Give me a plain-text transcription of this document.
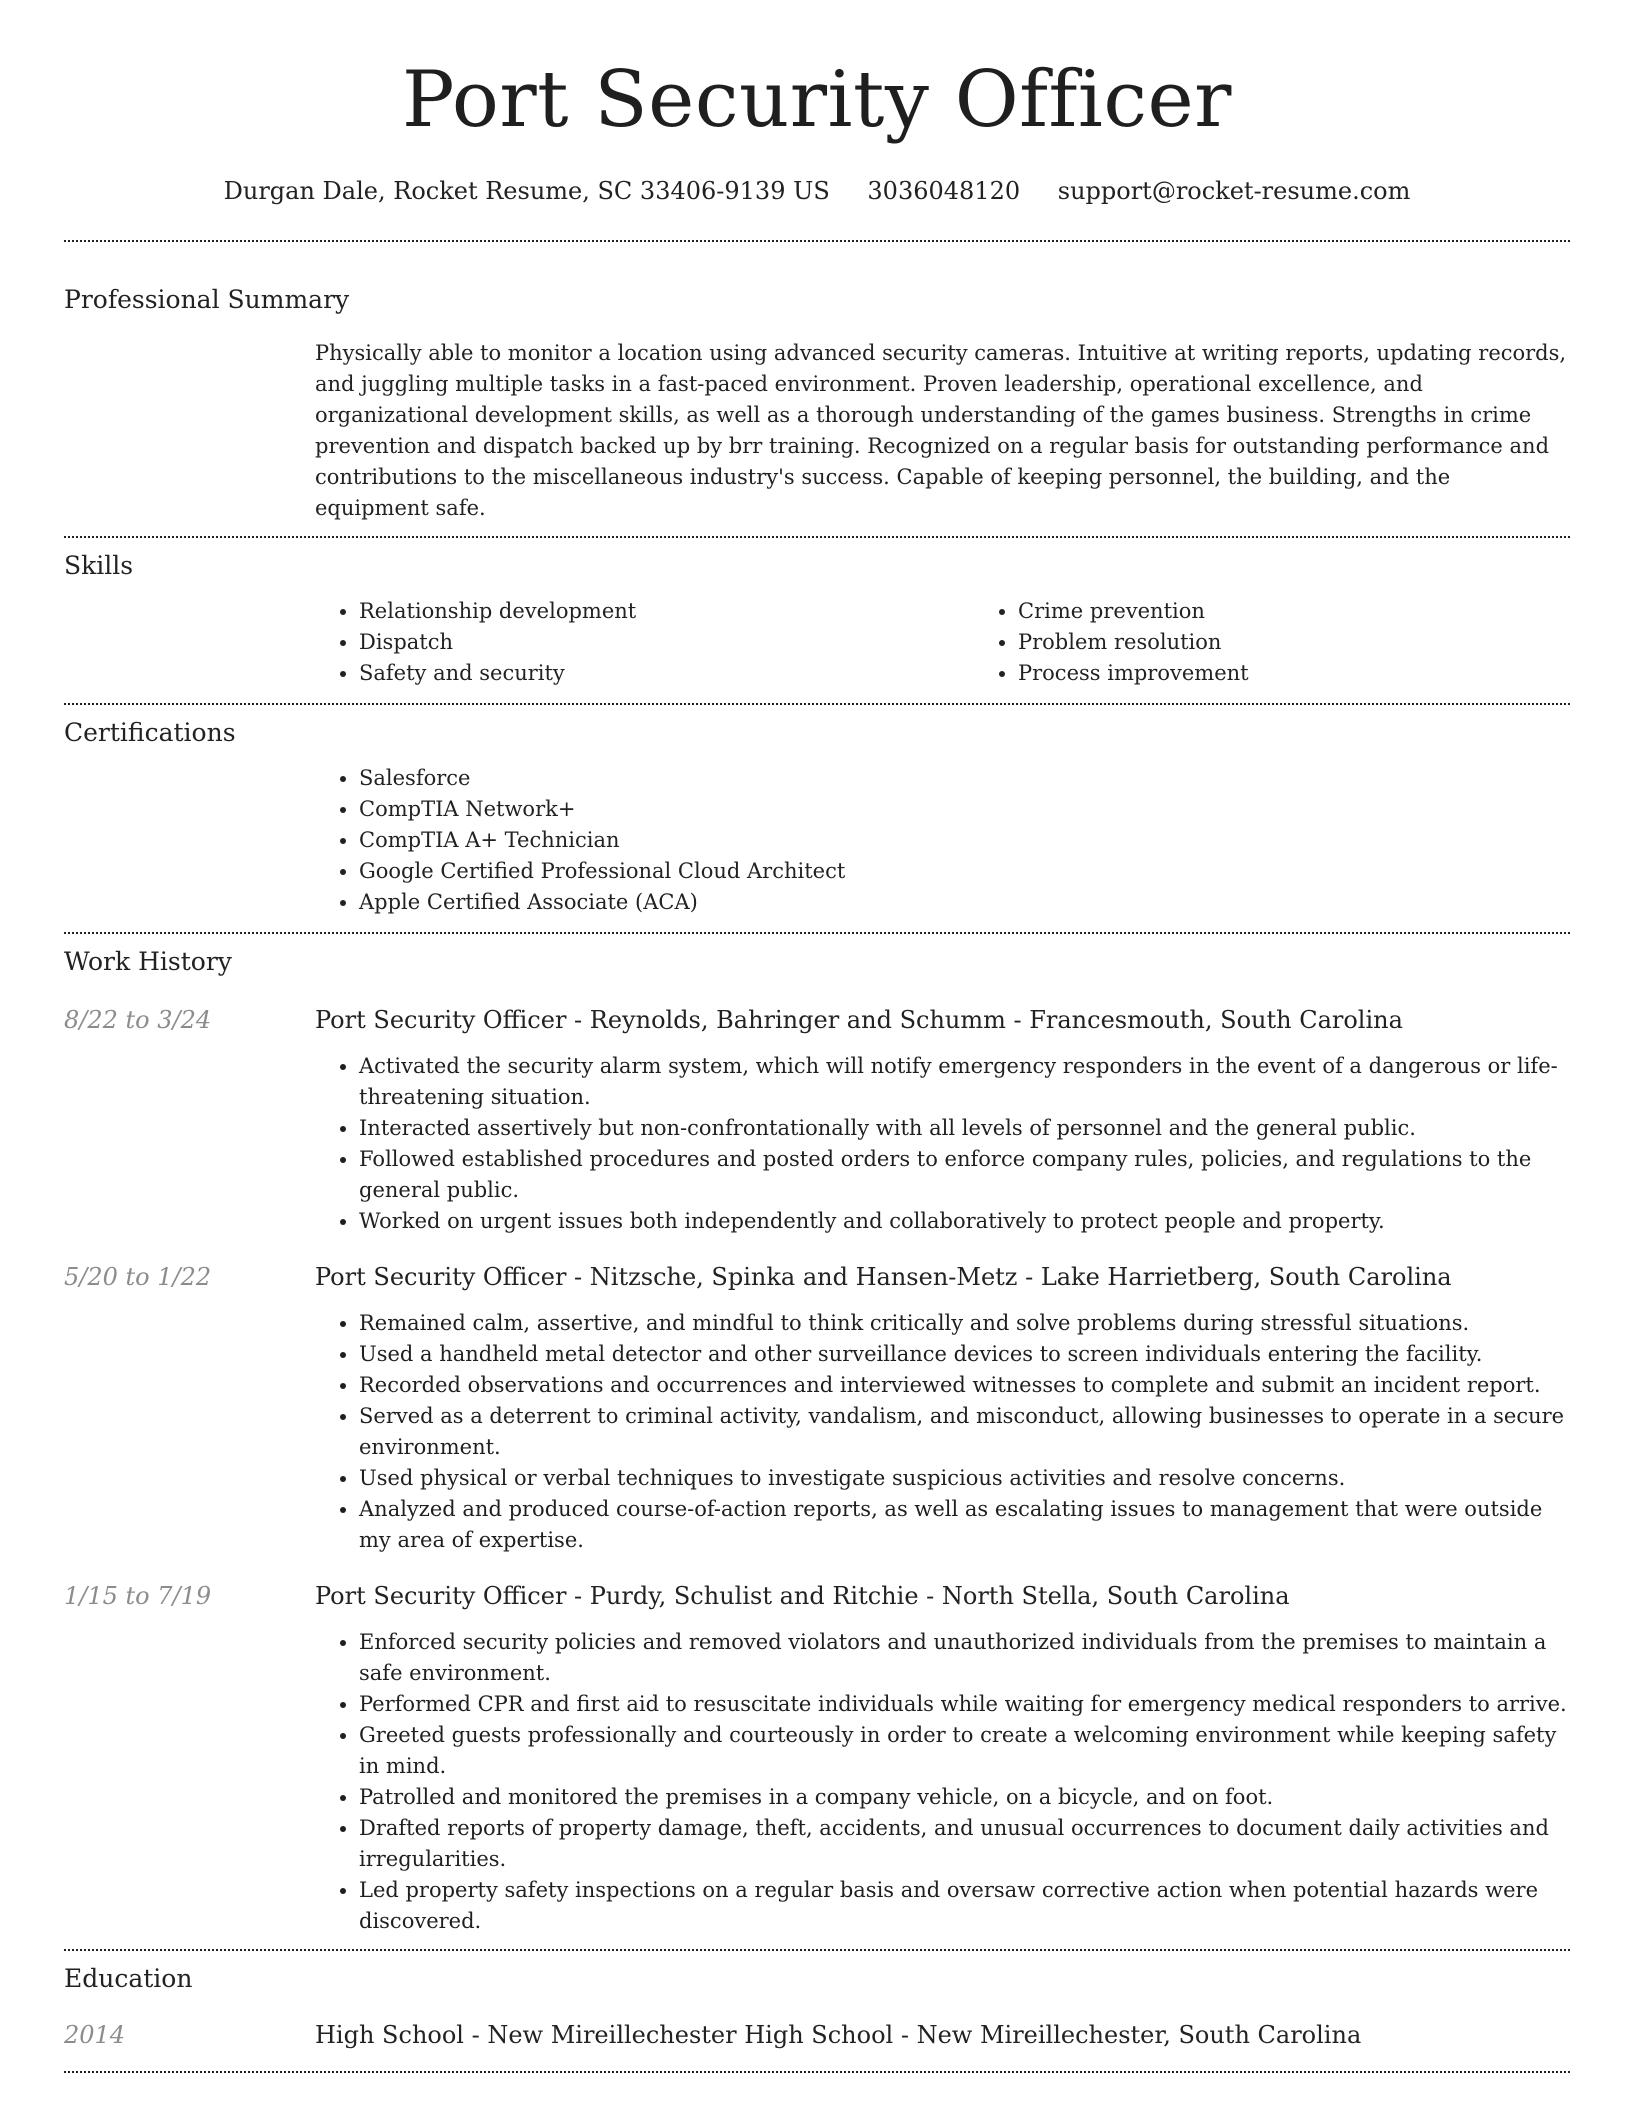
Port Security Officer
Durgan Dale, Rocket Resume, SC 33406-9139 US 3036048120 support@rocket-resume.com
Professional Summary
Physically able to monitor a location using advanced security cameras. Intuitive at writing reports, updating records, and juggling multiple tasks in a fast-paced environment. Proven leadership, operational excellence, and organizational development skills, as well as a thorough understanding of the games business. Strengths in crime prevention and dispatch backed up by brr training. Recognized on a regular basis for outstanding performance and contributions to the miscellaneous industry's success. Capable of keeping personnel, the building, and the equipment safe.
Skills
• Relationship development
• Dispatch
• Safety and security
• Crime prevention
• Problem resolution
• Process improvement
Certifications
• Salesforce
• CompTIA Network+
• CompTIA A+ Technician
• Google Certified Professional Cloud Architect
• Apple Certified Associate (ACA)
Work History
8/22 to 3/24	Port Security Officer - Reynolds, Bahringer and Schumm - Francesmouth, South Carolina
• Activated the security alarm system, which will notify emergency responders in the event of a dangerous or life-threatening situation.
• Interacted assertively but non-confrontationally with all levels of personnel and the general public.
• Followed established procedures and posted orders to enforce company rules, policies, and regulations to the general public.
• Worked on urgent issues both independently and collaboratively to protect people and property.
5/20 to 1/22	Port Security Officer - Nitzsche, Spinka and Hansen-Metz - Lake Harrietberg, South Carolina
• Remained calm, assertive, and mindful to think critically and solve problems during stressful situations.
• Used a handheld metal detector and other surveillance devices to screen individuals entering the facility.
• Recorded observations and occurrences and interviewed witnesses to complete and submit an incident report.
• Served as a deterrent to criminal activity, vandalism, and misconduct, allowing businesses to operate in a secure environment.
• Used physical or verbal techniques to investigate suspicious activities and resolve concerns.
• Analyzed and produced course-of-action reports, as well as escalating issues to management that were outside my area of expertise.
1/15 to 7/19	Port Security Officer - Purdy, Schulist and Ritchie - North Stella, South Carolina
• Enforced security policies and removed violators and unauthorized individuals from the premises to maintain a safe environment.
• Performed CPR and first aid to resuscitate individuals while waiting for emergency medical responders to arrive.
• Greeted guests professionally and courteously in order to create a welcoming environment while keeping safety in mind.
• Patrolled and monitored the premises in a company vehicle, on a bicycle, and on foot.
• Drafted reports of property damage, theft, accidents, and unusual occurrences to document daily activities and irregularities.
• Led property safety inspections on a regular basis and oversaw corrective action when potential hazards were discovered.
Education
2014	High School - New Mireillechester High School - New Mireillechester, South Carolina
